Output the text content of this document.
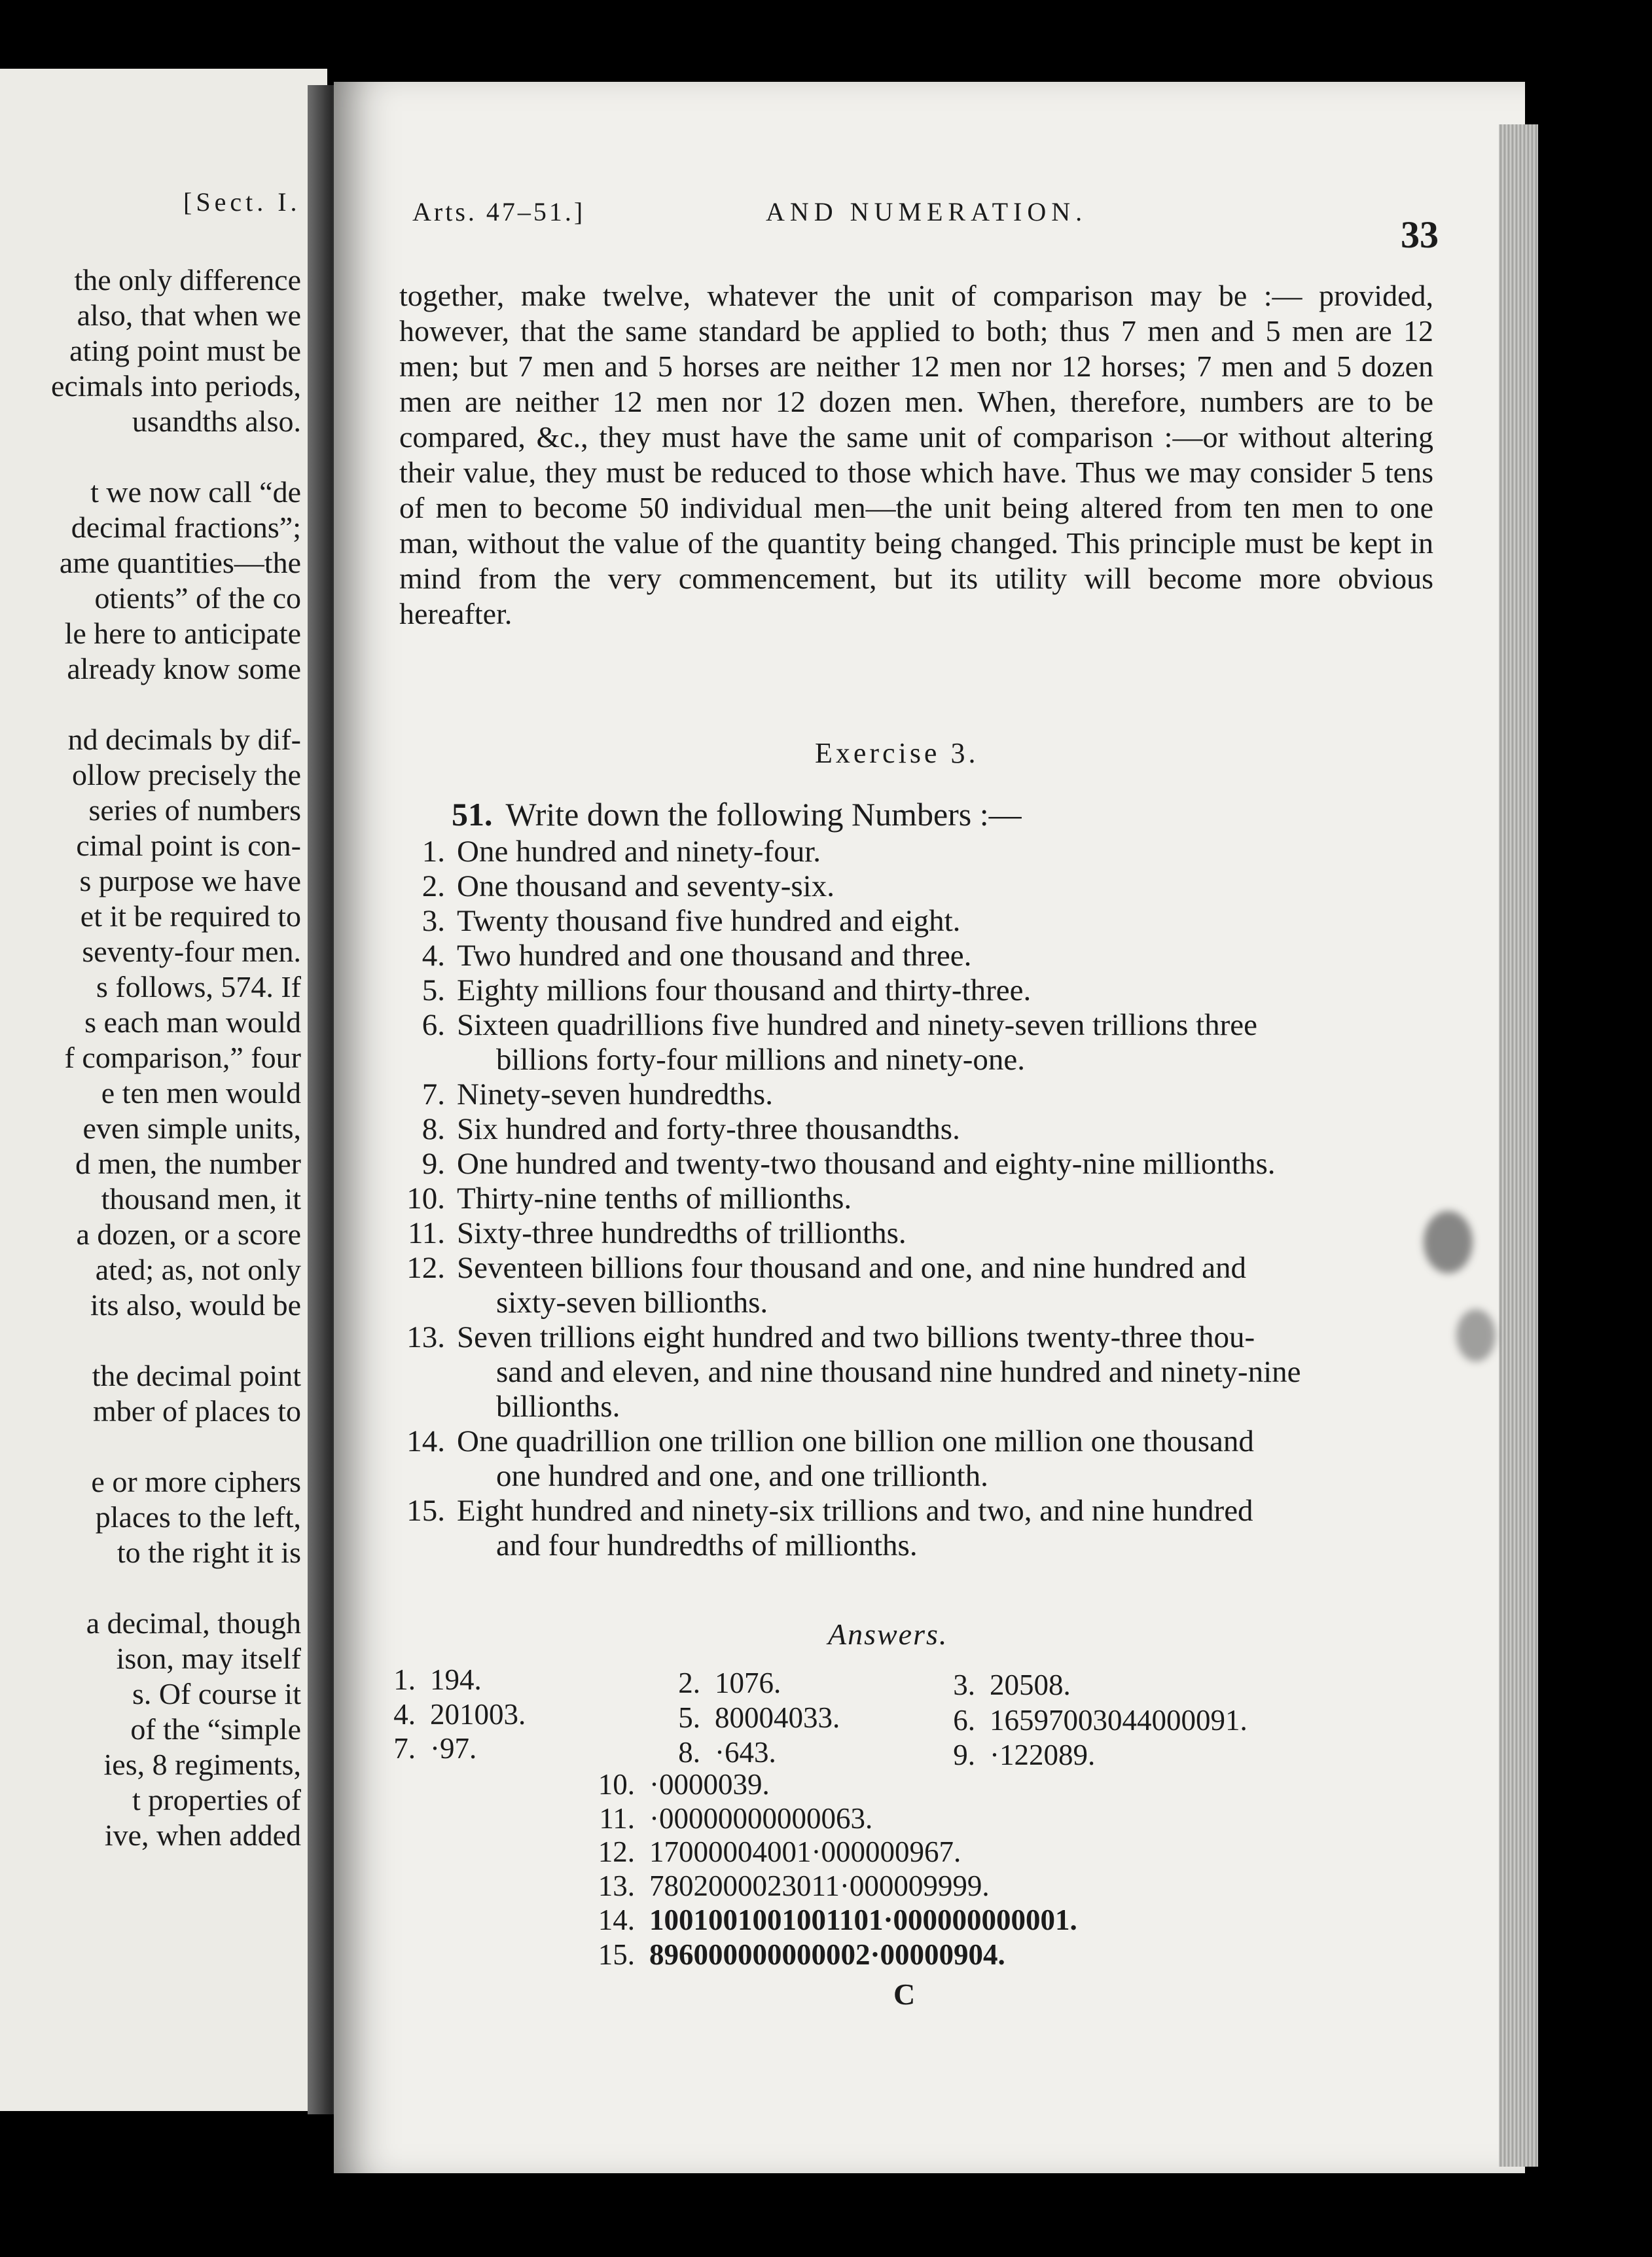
[Sect. I.
the only difference
also, that when we
ating point must be
ecimals into periods,
usandths also.
t we now call “de
decimal fractions”;
ame quantities—the
otients” of the co
le here to anticipate
already know some
nd decimals by dif-
ollow precisely the
series of numbers
cimal point is con-
s purpose we have
et it be required to
seventy-four men.
s follows, 574. If
s each man would
f comparison,” four
e ten men would
even simple units,
d men, the number
thousand men, it
a dozen, or a score
ated; as, not only
its also, would be
the decimal point
mber of places to
e or more ciphers
places to the left,
to the right it is
a decimal, though
ison, may itself
s. Of course it
of the “simple
ies, 8 regiments,
t properties of
ive, when added
Arts. 47–51.]	AND NUMERATION.
33
together, make twelve, whatever the unit of comparison may be :— provided, however, that the same standard be applied to both; thus 7 men and 5 men are 12 men; but 7 men and 5 horses are neither 12 men nor 12 horses; 7 men and 5 dozen men are neither 12 men nor 12 dozen men. When, therefore, numbers are to be compared, &c., they must have the same unit of comparison :—or without altering their value, they must be reduced to those which have. Thus we may consider 5 tens of men to become 50 individual men—the unit being altered from ten men to one man, without the value of the quantity being changed. This principle must be kept in mind from the very commencement, but its utility will become more obvious hereafter.
Exercise 3.
51. Write down the following Numbers :—
1. One hundred and ninety-four.
2. One thousand and seventy-six.
3. Twenty thousand five hundred and eight.
4. Two hundred and one thousand and three.
5. Eighty millions four thousand and thirty-three.
6. Sixteen quadrillions five hundred and ninety-seven trillions three
billions forty-four millions and ninety-one.
7. Ninety-seven hundredths.
8. Six hundred and forty-three thousandths.
9. One hundred and twenty-two thousand and eighty-nine millionths.
10. Thirty-nine tenths of millionths.
11. Sixty-three hundredths of trillionths.
12. Seventeen billions four thousand and one, and nine hundred and
sixty-seven billionths.
13. Seven trillions eight hundred and two billions twenty-three thou-
sand and eleven, and nine thousand nine hundred and ninety-nine billionths.
14. One quadrillion one trillion one billion one million one thousand
one hundred and one, and one trillionth.
15. Eight hundred and ninety-six trillions and two, and nine hundred
and four hundredths of millionths.
Answers.
1. 194.	2. 1076.	3. 20508.
4. 201003.	5. 80004033.	6. 16597003044000091.
7. ·97.	8. ·643.	9. ·122089.
10. ·0000039.
11. ·00000000000063.
12. 17000004001·000000967.
13. 7802000023011·000009999.
14. 1001001001001101·000000000001.
15. 896000000000002·00000904.
C
